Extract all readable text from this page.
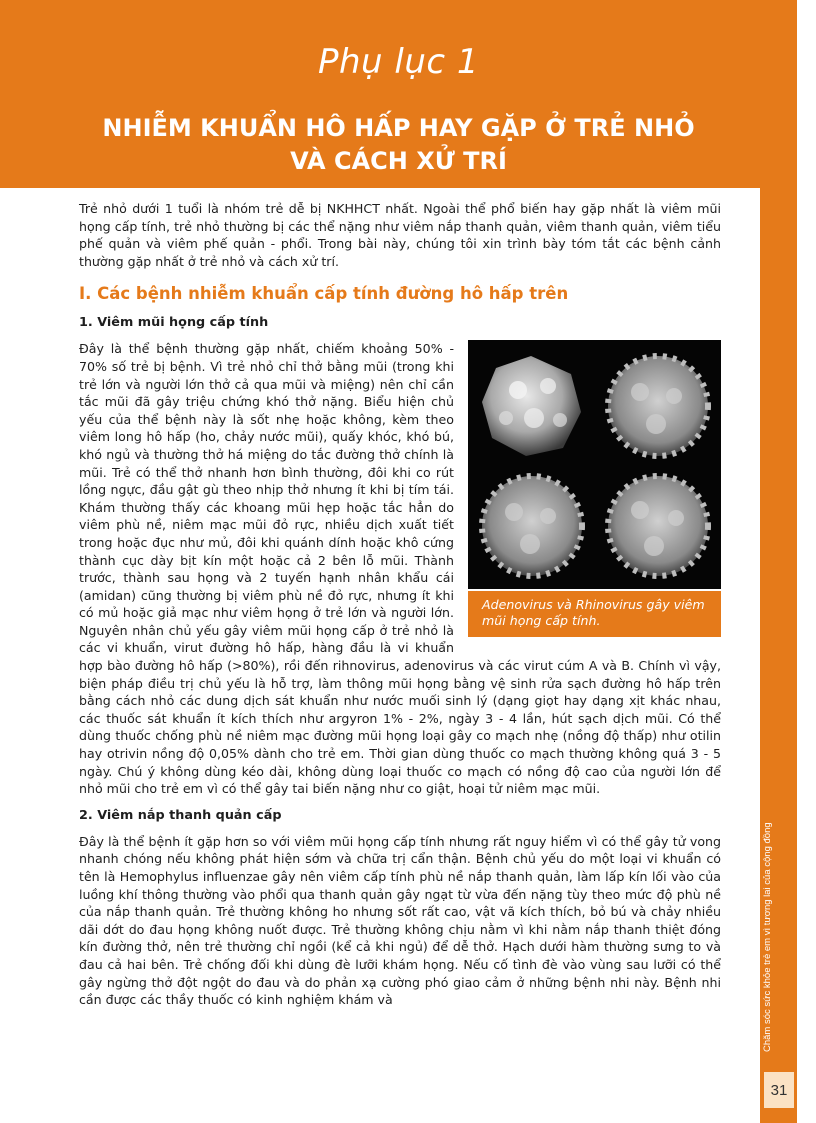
Phụ lục 1
NHIỄM KHUẨN HÔ HẤP HAY GẶP Ở TRẺ NHỎ
VÀ CÁCH XỬ TRÍ
31

Trẻ nhỏ dưới 1 tuổi là nhóm trẻ dễ bị NKHHCT nhất. Ngoài thể phổ biến hay gặp nhất là viêm mũi họng cấp tính, trẻ nhỏ thường bị các thể nặng như viêm nắp thanh quản, viêm thanh quản, viêm tiểu phế quản và viêm phế quản - phổi. Trong bài này, chúng tôi xin trình bày tóm tắt các bệnh cảnh thường gặp nhất ở trẻ nhỏ và cách xử trí.

I. Các bệnh nhiễm khuẩn cấp tính đường hô hấp trên
1. Viêm mũi họng cấp tính
Adenovirus và Rhinovirus gây viêm mũi họng cấp tính.

Đây là thể bệnh thường gặp nhất, chiếm khoảng 50% - 70% số trẻ bị bệnh. Vì trẻ nhỏ chỉ thở bằng mũi (trong khi trẻ lớn và người lớn thở cả qua mũi và miệng) nên chỉ cần tắc mũi đã gây triệu chứng khó thở nặng. Biểu hiện chủ yếu của thể bệnh này là sốt nhẹ hoặc không, kèm theo viêm long hô hấp (ho, chảy nước mũi), quấy khóc, khó bú, khó ngủ và thường thở há miệng do tắc đường thở chính là mũi. Trẻ có thể thở nhanh hơn bình thường, đôi khi co rút lồng ngực, đầu gật gù theo nhịp thở nhưng ít khi bị tím tái. Khám thường thấy các khoang mũi hẹp hoặc tắc hẳn do viêm phù nề, niêm mạc mũi đỏ rực, nhiều dịch xuất tiết trong hoặc đục như mủ, đôi khi quánh dính hoặc khô cứng thành cục dày bịt kín một hoặc cả 2 bên lỗ mũi. Thành trước, thành sau họng và 2 tuyến hạnh nhân khẩu cái (amidan) cũng thường bị viêm phù nề đỏ rực, nhưng ít khi có mủ hoặc giả mạc như viêm họng ở trẻ lớn và người lớn. Nguyên nhân chủ yếu gây viêm mũi họng cấp ở trẻ nhỏ là các vi khuẩn, virut đường hô hấp, hàng đầu là vi khuẩn hợp bào đường hô hấp (>80%), rồi đến rihnovirus, adenovirus và các virut cúm A và B. Chính vì vậy, biện pháp điều trị chủ yếu là hỗ trợ, làm thông mũi họng bằng vệ sinh rửa sạch đường hô hấp trên bằng cách nhỏ các dung dịch sát khuẩn như nước muối sinh lý (dạng giọt hay dạng xịt khác nhau, các thuốc sát khuẩn ít kích thích như argyron 1% - 2%, ngày 3 - 4 lần, hút sạch dịch mũi. Có thể dùng thuốc chống phù nề niêm mạc đường mũi họng loại gây co mạch nhẹ (nồng độ thấp) như otilin hay otrivin nồng độ 0,05% dành cho trẻ em. Thời gian dùng thuốc co mạch thường không quá 3 - 5 ngày. Chú ý không dùng kéo dài, không dùng loại thuốc co mạch có nồng độ cao của người lớn để nhỏ mũi cho trẻ em vì có thể gây tai biến nặng như co giật, hoại tử niêm mạc mũi.

2. Viêm nắp thanh quản cấp

Đây là thể bệnh ít gặp hơn so với viêm mũi họng cấp tính nhưng rất nguy hiểm vì có thể gây tử vong nhanh chóng nếu không phát hiện sớm và chữa trị cẩn thận. Bệnh chủ yếu do một loại vi khuẩn có tên là Hemophylus influenzae gây nên viêm cấp tính phù nề nắp thanh quản, làm lấp kín lối vào của luồng khí thông thường vào phổi qua thanh quản gây ngạt từ vừa đến nặng tùy theo mức độ phù nề của nắp thanh quản. Trẻ thường không ho nhưng sốt rất cao, vật vã kích thích, bỏ bú và chảy nhiều dãi dớt do đau họng không nuốt được. Trẻ thường không chịu nằm vì khi nằm nắp thanh thiệt đóng kín đường thở, nên trẻ thường chỉ ngồi (kể cả khi ngủ) để dễ thở. Hạch dưới hàm thường sưng to và đau cả hai bên. Trẻ chống đối khi dùng đè lưỡi khám họng. Nếu cố tình đè vào vùng sau lưỡi có thể gây ngừng thở đột ngột do đau và do phản xạ cường phó giao cảm ở những bệnh nhi này. Bệnh nhi cần được các thầy thuốc có kinh nghiệm khám và
